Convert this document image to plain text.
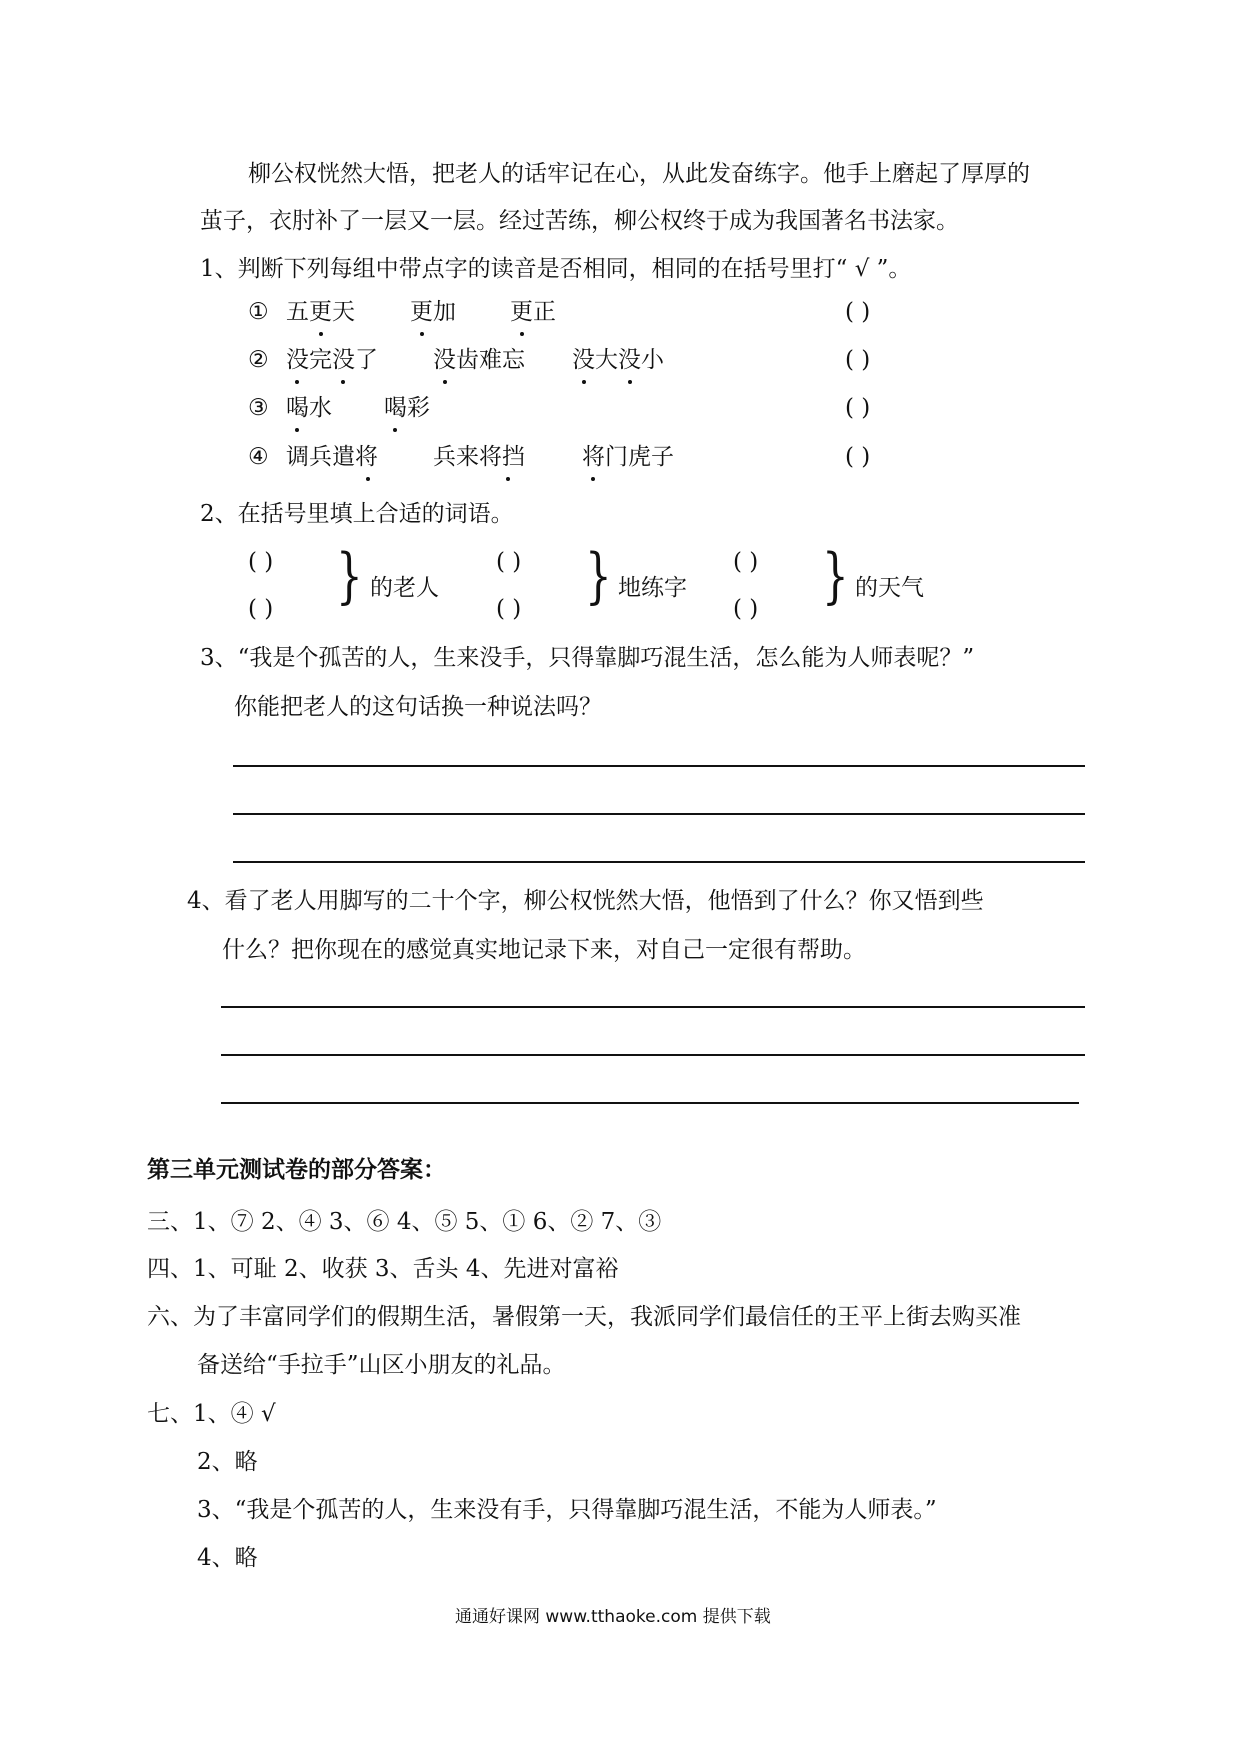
柳公权恍然大悟，把老人的话牢记在心，从此发奋练字。他手上磨起了厚厚的
茧子，衣肘补了一层又一层。经过苦练，柳公权终于成为我国著名书法家。
1、判断下列每组中带点字的读音是否相同，相同的在括号里打“ √ ”。
① 五更天 更加 更正	( )
② 没完没了 没齿难忘 没大没小	( )
③ 喝水 喝彩	( )
④ 调兵遣将 兵来将挡 将门虎子	( )
2、在括号里填上合适的词语。
( )
( ) } 的老人
( )
( ) } 地练字
( )
( ) } 的天气
3、“我是个孤苦的人，生来没手，只得靠脚巧混生活，怎么能为人师表呢？”
你能把老人的这句话换一种说法吗？
4、看了老人用脚写的二十个字，柳公权恍然大悟，他悟到了什么？你又悟到些
什么？把你现在的感觉真实地记录下来，对自己一定很有帮助。
第三单元测试卷的部分答案：
三、1、⑦ 2、④ 3、⑥ 4、⑤ 5、① 6、② 7、③
四、1、可耻 2、收获 3、舌头 4、先进对富裕
六、为了丰富同学们的假期生活，暑假第一天，我派同学们最信任的王平上街去购买准
备送给“手拉手”山区小朋友的礼品。
七、1、④ √
2、略
3、“我是个孤苦的人，生来没有手，只得靠脚巧混生活，不能为人师表。”
4、略
通通好课网 www.tthaoke.com 提供下载
